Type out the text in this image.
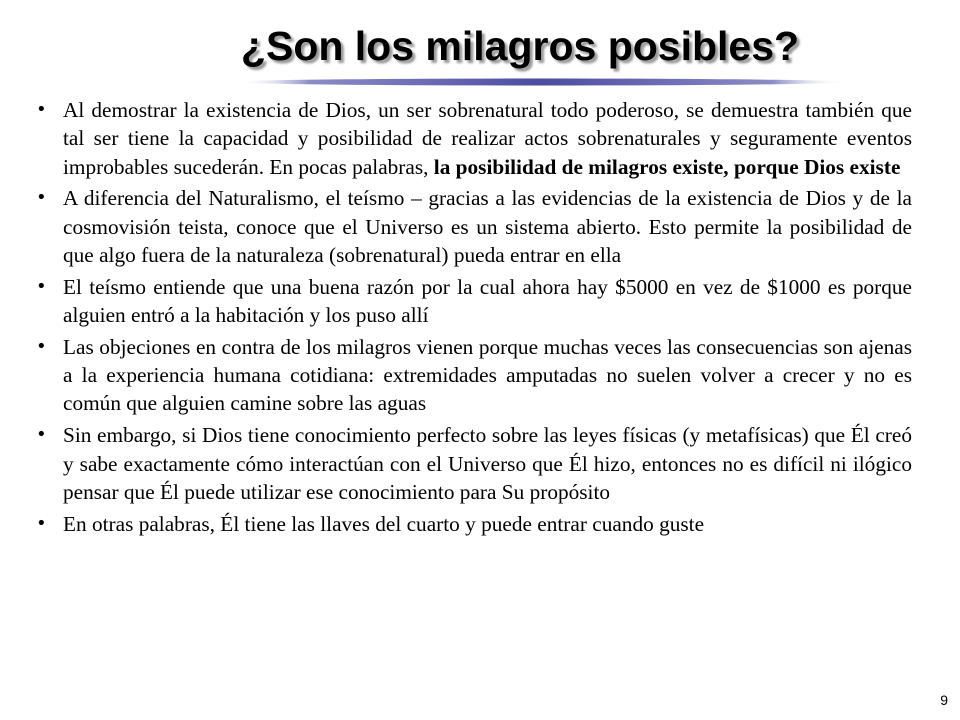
¿Son los milagros posibles?
• Al demostrar la existencia de Dios, un ser sobrenatural todo poderoso, se demuestra también que tal ser tiene la capacidad y posibilidad de realizar actos sobrenaturales y seguramente eventos improbables sucederán. En pocas palabras, la posibilidad de milagros existe, porque Dios existe
• A diferencia del Naturalismo, el teísmo – gracias a las evidencias de la existencia de Dios y de la cosmovisión teista, conoce que el Universo es un sistema abierto. Esto permite la posibilidad de que algo fuera de la naturaleza (sobrenatural) pueda entrar en ella
• El teísmo entiende que una buena razón por la cual ahora hay $5000 en vez de $1000 es porque alguien entró a la habitación y los puso allí
• Las objeciones en contra de los milagros vienen porque muchas veces las consecuencias son ajenas a la experiencia humana cotidiana: extremidades amputadas no suelen volver a crecer y no es común que alguien camine sobre las aguas
• Sin embargo, si Dios tiene conocimiento perfecto sobre las leyes físicas (y metafísicas) que Él creó y sabe exactamente cómo interactúan con el Universo que Él hizo, entonces no es difícil ni ilógico pensar que Él puede utilizar ese conocimiento para Su propósito
• En otras palabras, Él tiene las llaves del cuarto y puede entrar cuando guste
9
